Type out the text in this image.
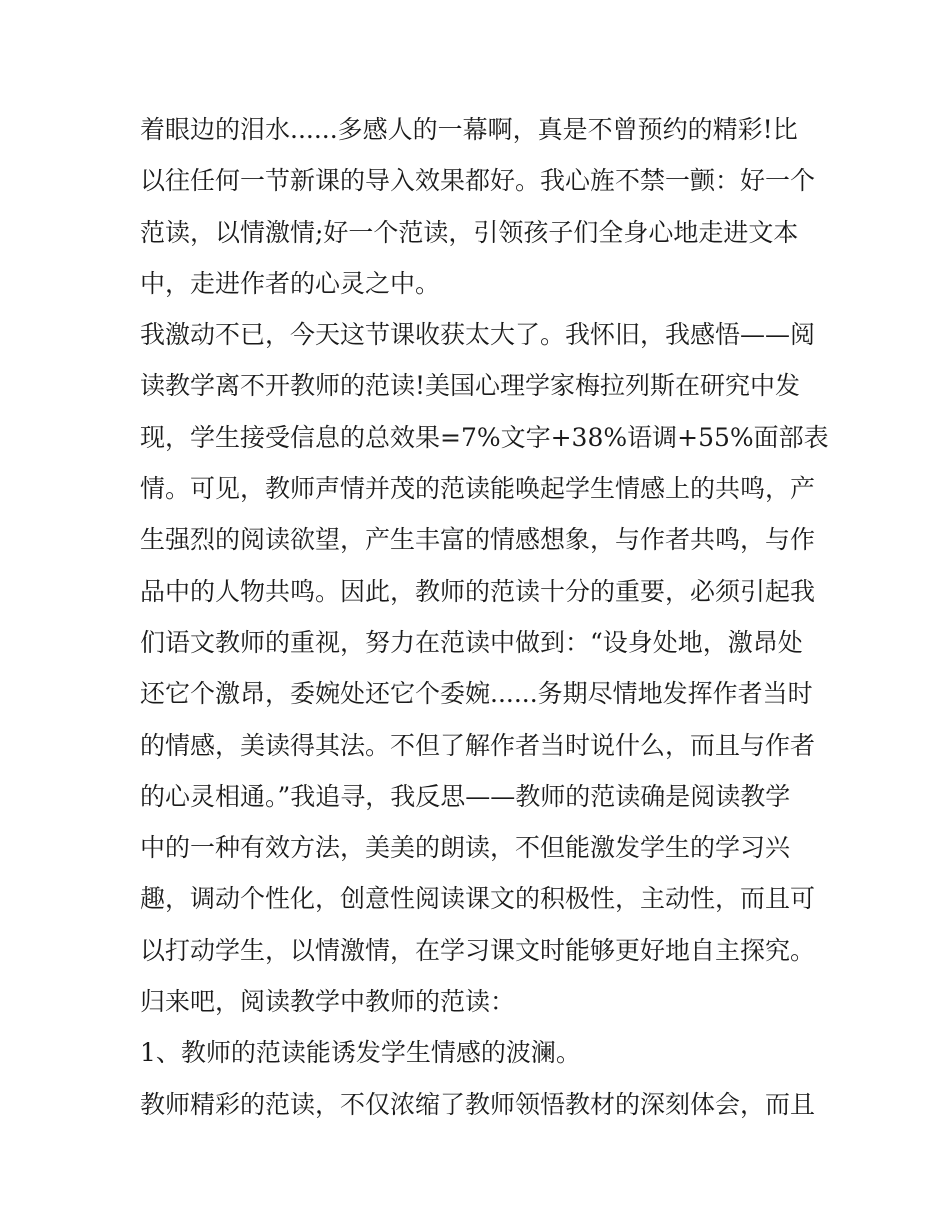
着眼边的泪水......多感人的一幕啊，真是不曾预约的精彩!比
以往任何一节新课的导入效果都好。我心旌不禁一颤：好一个
范读，以情激情;好一个范读，引领孩子们全身心地走进文本
中，走进作者的心灵之中。
我激动不已，今天这节课收获太大了。我怀旧，我感悟——阅
读教学离不开教师的范读!美国心理学家梅拉列斯在研究中发
现，学生接受信息的总效果=7%文字+38%语调+55%面部表
情。可见，教师声情并茂的范读能唤起学生情感上的共鸣，产
生强烈的阅读欲望，产生丰富的情感想象，与作者共鸣，与作
品中的人物共鸣。因此，教师的范读十分的重要，必须引起我
们语文教师的重视，努力在范读中做到：“设身处地，激昂处
还它个激昂，委婉处还它个委婉......务期尽情地发挥作者当时
的情感，美读得其法。不但了解作者当时说什么，而且与作者
的心灵相通。”我追寻，我反思——教师的范读确是阅读教学
中的一种有效方法，美美的朗读，不但能激发学生的学习兴
趣，调动个性化，创意性阅读课文的积极性，主动性，而且可
以打动学生，以情激情，在学习课文时能够更好地自主探究。
归来吧，阅读教学中教师的范读：
1、教师的范读能诱发学生情感的波澜。
教师精彩的范读，不仅浓缩了教师领悟教材的深刻体会，而且
